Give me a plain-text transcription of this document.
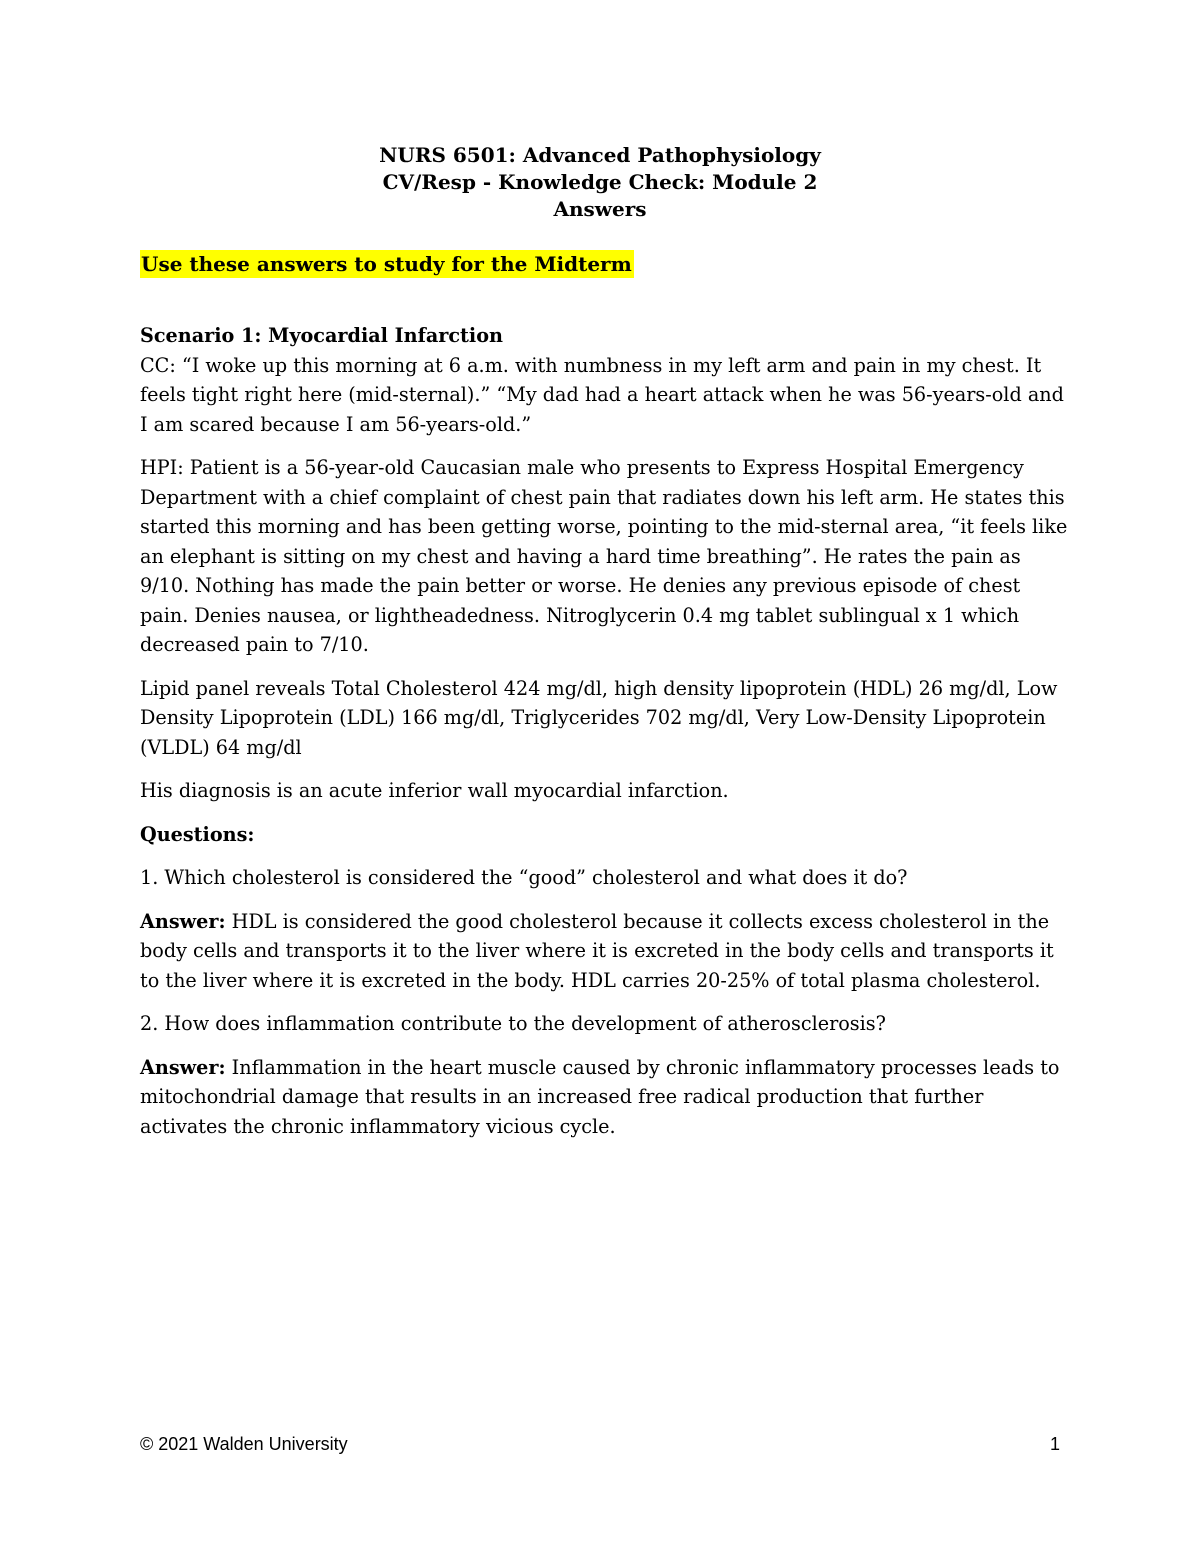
NURS 6501: Advanced Pathophysiology
CV/Resp - Knowledge Check: Module 2
Answers
Use these answers to study for the Midterm

Scenario 1: Myocardial Infarction

CC: “I woke up this morning at 6 a.m. with numbness in my left arm and pain in my chest. It feels tight right here (mid-sternal).” “My dad had a heart attack when he was 56-years-old and I am scared because I am 56-years-old.”

HPI: Patient is a 56-year-old Caucasian male who presents to Express Hospital Emergency Department with a chief complaint of chest pain that radiates down his left arm. He states this started this morning and has been getting worse, pointing to the mid-sternal area, “it feels like an elephant is sitting on my chest and having a hard time breathing”. He rates the pain as 9/10. Nothing has made the pain better or worse. He denies any previous episode of chest pain. Denies nausea, or lightheadedness. Nitroglycerin 0.4 mg tablet sublingual x 1 which decreased pain to 7/10.

Lipid panel reveals Total Cholesterol 424 mg/dl, high density lipoprotein (HDL) 26 mg/dl, Low Density Lipoprotein (LDL) 166 mg/dl, Triglycerides 702 mg/dl, Very Low-Density Lipoprotein (VLDL) 64 mg/dl

His diagnosis is an acute inferior wall myocardial infarction.

Questions:

1. Which cholesterol is considered the “good” cholesterol and what does it do?

Answer: HDL is considered the good cholesterol because it collects excess cholesterol in the body cells and transports it to the liver where it is excreted in the body cells and transports it to the liver where it is excreted in the body. HDL carries 20-25% of total plasma cholesterol.

2. How does inflammation contribute to the development of atherosclerosis?

Answer: Inflammation in the heart muscle caused by chronic inflammatory processes leads to mitochondrial damage that results in an increased free radical production that further activates the chronic inflammatory vicious cycle.

© 2021 Walden University	1
